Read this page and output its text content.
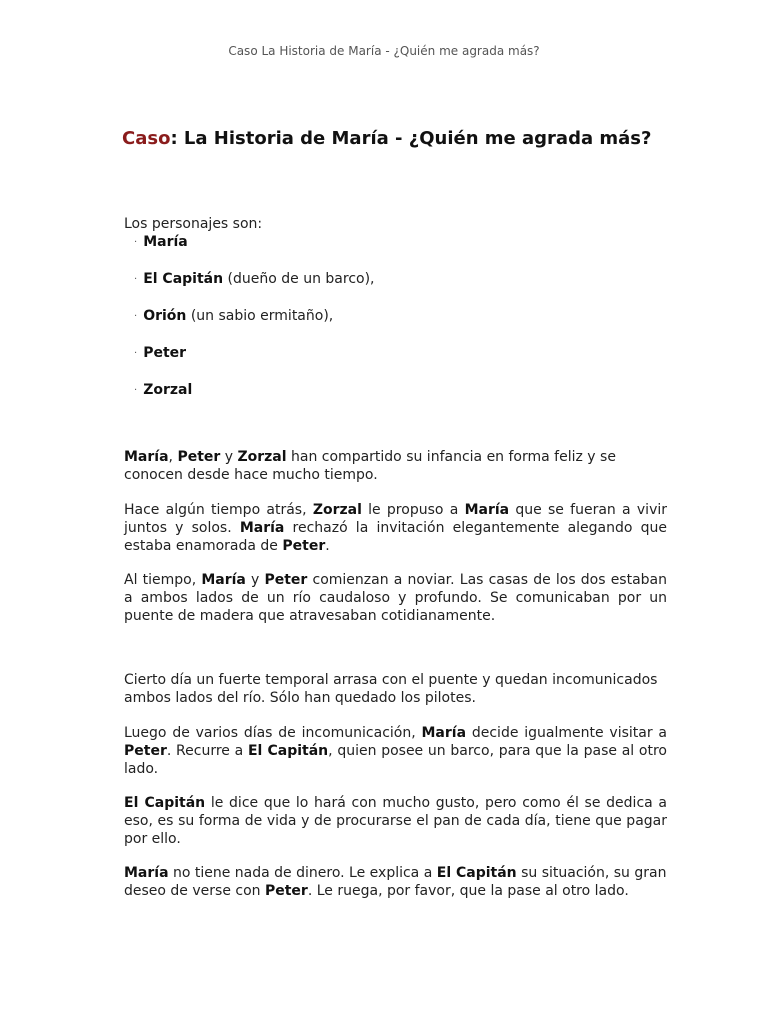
Caso La Historia de María - ¿Quién me agrada más?
Caso: La Historia de María - ¿Quién me agrada más?

Los personajes son:

· María
· El Capitán (dueño de un barco),
· Orión (un sabio ermitaño),
· Peter
· Zorzal

María, Peter y Zorzal han compartido su infancia en forma feliz y se conocen desde hace mucho tiempo.

Hace algún tiempo atrás, Zorzal le propuso a María que se fueran a vivir juntos y solos. María rechazó la invitación elegantemente alegando que estaba enamorada de Peter.

Al tiempo, María y Peter comienzan a noviar. Las casas de los dos estaban a ambos lados de un río caudaloso y profundo. Se comunicaban por un puente de madera que atravesaban cotidianamente.

Cierto día un fuerte temporal arrasa con el puente y quedan incomunicados ambos lados del río. Sólo han quedado los pilotes.

Luego de varios días de incomunicación, María decide igualmente visitar a Peter. Recurre a El Capitán, quien posee un barco, para que la pase al otro lado.

El Capitán le dice que lo hará con mucho gusto, pero como él se dedica a eso, es su forma de vida y de procurarse el pan de cada día, tiene que pagar por ello.

María no tiene nada de dinero. Le explica a El Capitán su situación, su gran deseo de verse con Peter. Le ruega, por favor, que la pase al otro lado.
